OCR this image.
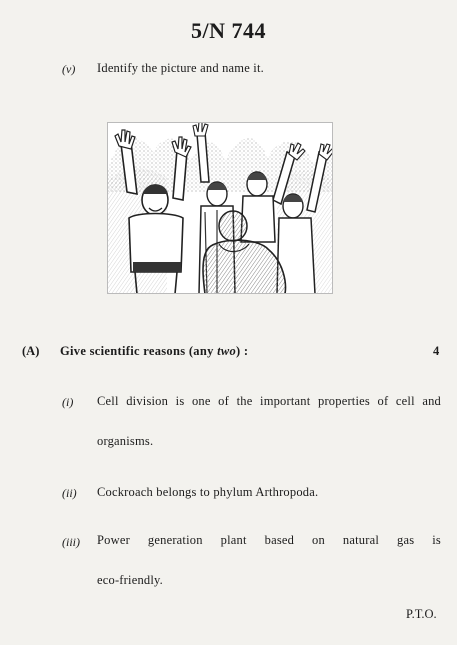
5/N 744
(v) Identify the picture and name it.
(A) Give scientific reasons (any two) :	4
(i) Cell division is one of the important properties of cell and
organisms.
(ii) Cockroach belongs to phylum Arthropoda.
(iii) Power generation plant based on natural gas is
eco-friendly.
P.T.O.
